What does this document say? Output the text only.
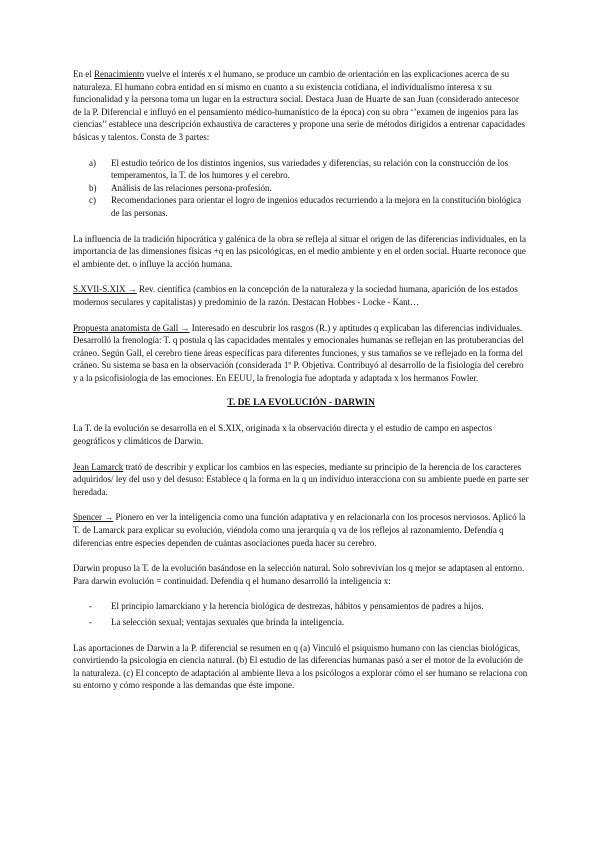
En el Renacimiento vuelve el interés x el humano, se produce un cambio de orientación en las explicaciones acerca de su naturaleza. El humano cobra entidad en sí mismo en cuanto a su existencia cotidiana, el individualismo interesa x su funcionalidad y la persona toma un lugar en la estructura social. Destaca Juan de Huarte de san Juan (considerado antecesor de la P. Diferencial e influyó en el pensamiento médico-humanístico de la época) con su obra ‘’examen de ingenios para las ciencias’’ establece una descripción exhaustiva de caracteres y propone una serie de métodos dirigidos a entrenar capacidades básicas y talentos. Consta de 3 partes:

a) El estudio teórico de los distintos ingenios, sus variedades y diferencias, su relación con la construcción de los temperamentos, la T. de los humores y el cerebro.
b) Análisis de las relaciones persona-profesión.
c) Recomendaciones para orientar el logro de ingenios educados recurriendo a la mejora en la constitución biológica de las personas.

La influencia de la tradición hipocrática y galénica de la obra se refleja al situar el origen de las diferencias individuales, en la importancia de las dimensiones físicas +q en las psicológicas, en el medio ambiente y en el orden social. Huarte reconoce que el ambiente det. o influye la acción humana.

S.XVII-S.XIX → Rev. científica (cambios en la concepción de la naturaleza y la sociedad humana, aparición de los estados modernos seculares y capitalistas) y predominio de la razón. Destacan Hobbes - Locke - Kant…

Propuesta anatomista de Gall → Interesado en descubrir los rasgos (R.) y aptitudes q explicaban las diferencias individuales. Desarrolló la frenología: T. q postula q las capacidades mentales y emocionales humanas se reflejan en las protuberancias del cráneo. Según Gall, el cerebro tiene áreas específicas para diferentes funciones, y sus tamaños se ve reflejado en la forma del cráneo. Su sistema se basa en la observación (considerada 1º P. Objetiva. Contribuyó al desarrollo de la fisiología del cerebro y a la psicofisiología de las emociones. En EEUU, la frenología fue adoptada y adaptada x los hermanos Fowler.

T. DE LA EVOLUCIÓN - DARWIN

La T. de la evolución se desarrolla en el S.XIX, originada x la observación directa y el estudio de campo en aspectos geográficos y climáticos de Darwin.

Jean Lamarck trató de describir y explicar los cambios en las especies, mediante su principio de la herencia de los caracteres adquiridos/ ley del uso y del desuso: Establece q la forma en la q un individuo interacciona con su ambiente puede en parte ser heredada.

Spencer → Pionero en ver la inteligencia como una función adaptativa y en relacionarla con los procesos nerviosos. Aplicó la T. de Lamarck para explicar su evolución, viéndola como una jerarquía q va de los reflejos al razonamiento. Defendía q diferencias entre especies dependen de cuántas asociaciones pueda hacer su cerebro.

Darwin propuso la T. de la evolución basándose en la selección natural. Solo sobrevivían los q mejor se adaptasen al entorno. Para darwin evolución = continuidad. Defendía q el humano desarrolló la inteligencia x:

- El principio lamarckiano y la herencia biológica de destrezas, hábitos y pensamientos de padres a hijos.
- La selección sexual; ventajas sexuales que brinda la inteligencia.

Las aportaciones de Darwin a la P. diferencial se resumen en q (a) Vinculó el psiquismo humano con las ciencias biológicas, convirtiendo la psicología en ciencia natural. (b) El estudio de las diferencias humanas pasó a ser el motor de la evolución de la naturaleza. (c) El concepto de adaptación al ambiente lleva a los psicólogos a explorar cómo el ser humano se relaciona con su entorno y cómo responde a las demandas que éste impone.
